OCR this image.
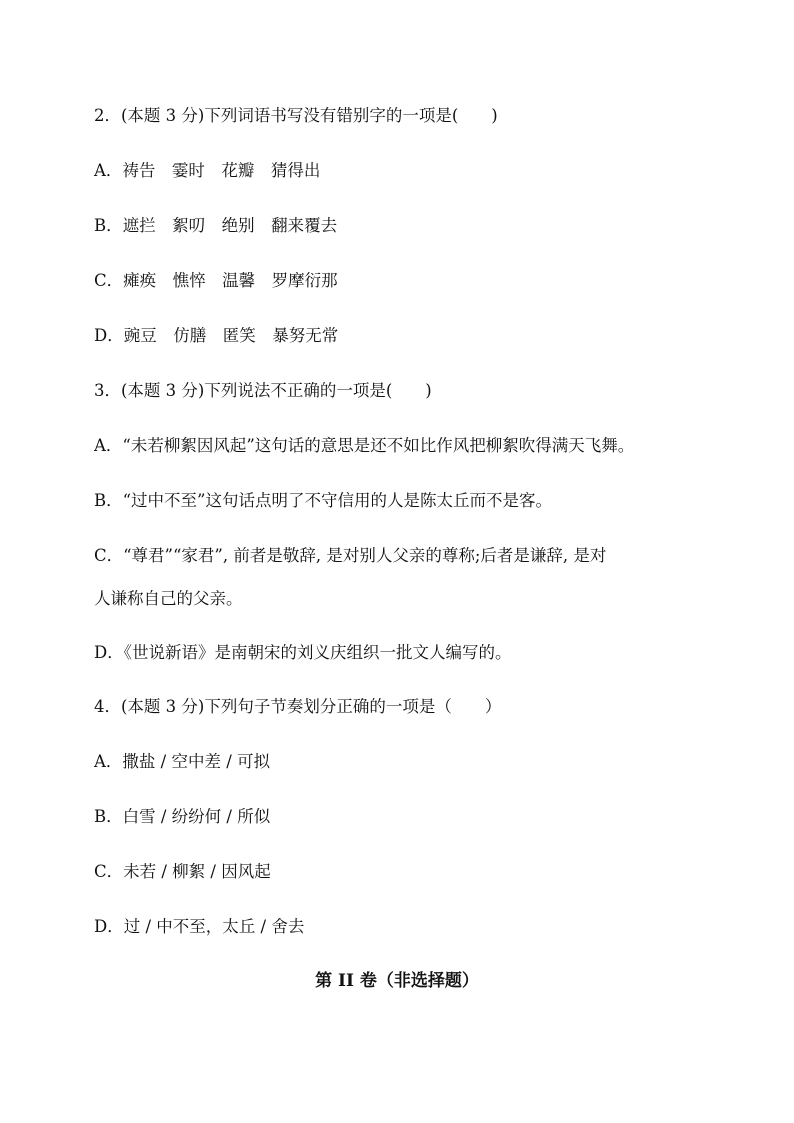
2．(本题 3 分)下列词语书写没有错别字的一项是(　　)
A．祷告　霎时　花瓣　猜得出
B．遮拦　絮叨　绝别　翻来覆去
C．瘫痪　憔悴　温馨　罗摩衍那
D．豌豆　仿膳　匿笑　暴努无常
3．(本题 3 分)下列说法不正确的一项是(　　)
A．“未若柳絮因风起”这句话的意思是还不如比作风把柳絮吹得满天飞舞。
B．“过中不至”这句话点明了不守信用的人是陈太丘而不是客。
C．“尊君”“家君”, 前者是敬辞, 是对别人父亲的尊称;后者是谦辞, 是对
人谦称自己的父亲。
D．《世说新语》是南朝宋的刘义庆组织一批文人编写的。
4．(本题 3 分)下列句子节奏划分正确的一项是（　　）
A．撒盐 / 空中差 / 可拟
B．白雪 / 纷纷何 / 所似
C．未若 / 柳絮 / 因风起
D．过 / 中不至，太丘 / 舍去
第 II 卷（非选择题）
